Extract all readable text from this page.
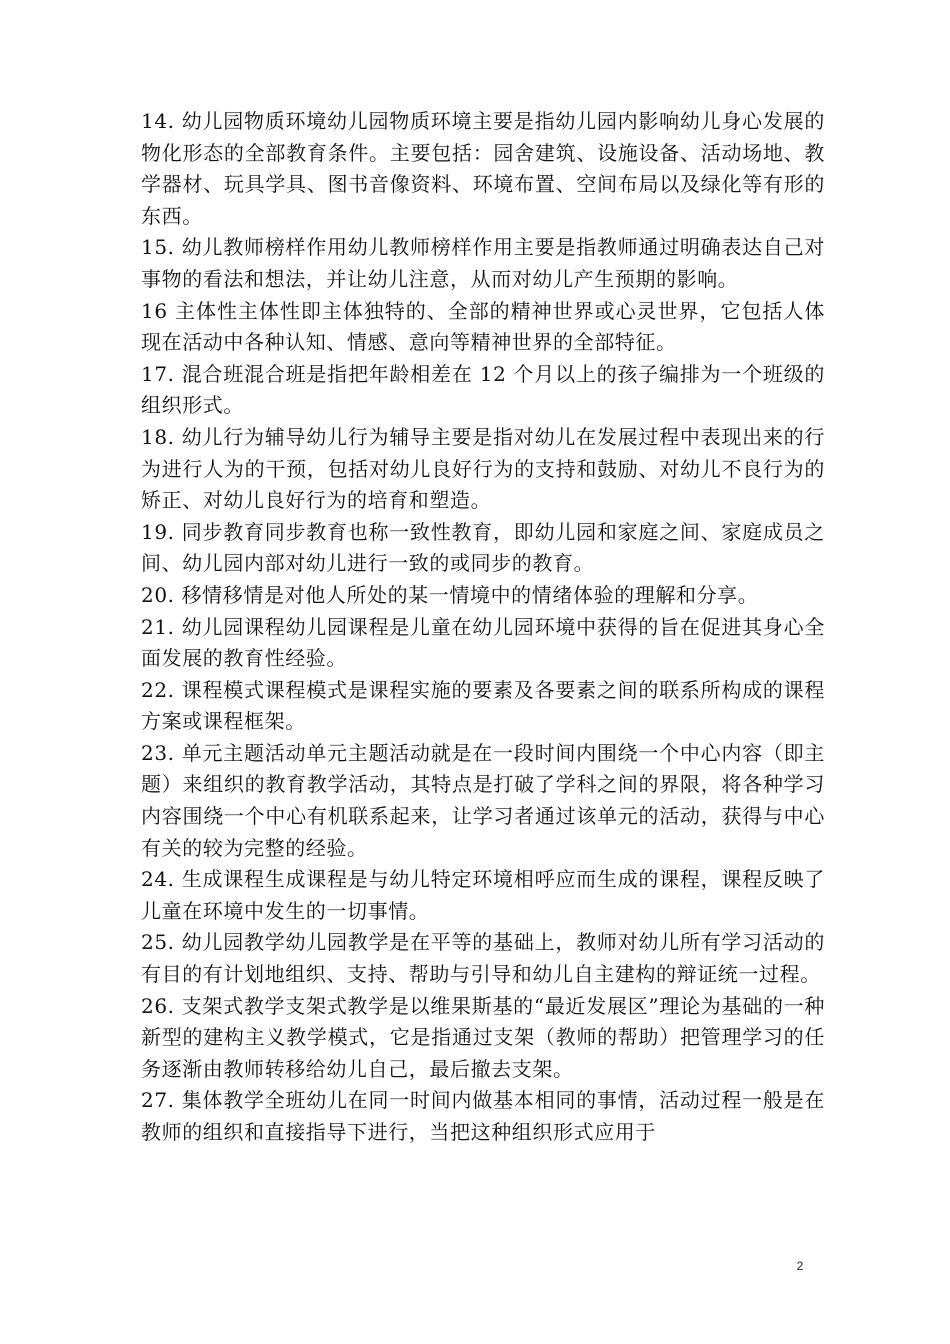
14. 幼儿园物质环境幼儿园物质环境主要是指幼儿园内影响幼儿身心发展的物化形态的全部教育条件。主要包括：园舍建筑、设施设备、活动场地、教学器材、玩具学具、图书音像资料、环境布置、空间布局以及绿化等有形的东西。

15. 幼儿教师榜样作用幼儿教师榜样作用主要是指教师通过明确表达自己对事物的看法和想法，并让幼儿注意，从而对幼儿产生预期的影响。

16 主体性主体性即主体独特的、全部的精神世界或心灵世界，它包括人体现在活动中各种认知、情感、意向等精神世界的全部特征。

17. 混合班混合班是指把年龄相差在 12 个月以上的孩子编排为一个班级的组织形式。

18. 幼儿行为辅导幼儿行为辅导主要是指对幼儿在发展过程中表现出来的行为进行人为的干预，包括对幼儿良好行为的支持和鼓励、对幼儿不良行为的矫正、对幼儿良好行为的培育和塑造。

19. 同步教育同步教育也称一致性教育，即幼儿园和家庭之间、家庭成员之间、幼儿园内部对幼儿进行一致的或同步的教育。

20. 移情移情是对他人所处的某一情境中的情绪体验的理解和分享。

21. 幼儿园课程幼儿园课程是儿童在幼儿园环境中获得的旨在促进其身心全面发展的教育性经验。

22. 课程模式课程模式是课程实施的要素及各要素之间的联系所构成的课程方案或课程框架。

23. 单元主题活动单元主题活动就是在一段时间内围绕一个中心内容（即主题）来组织的教育教学活动，其特点是打破了学科之间的界限，将各种学习内容围绕一个中心有机联系起来，让学习者通过该单元的活动，获得与中心有关的较为完整的经验。

24. 生成课程生成课程是与幼儿特定环境相呼应而生成的课程，课程反映了儿童在环境中发生的一切事情。

25. 幼儿园教学幼儿园教学是在平等的基础上，教师对幼儿所有学习活动的有目的有计划地组织、支持、帮助与引导和幼儿自主建构的辩证统一过程。

26. 支架式教学支架式教学是以维果斯基的“最近发展区”理论为基础的一种新型的建构主义教学模式，它是指通过支架（教师的帮助）把管理学习的任务逐渐由教师转移给幼儿自己，最后撤去支架。

27. 集体教学全班幼儿在同一时间内做基本相同的事情，活动过程一般是在教师的组织和直接指导下进行，当把这种组织形式应用于

2
